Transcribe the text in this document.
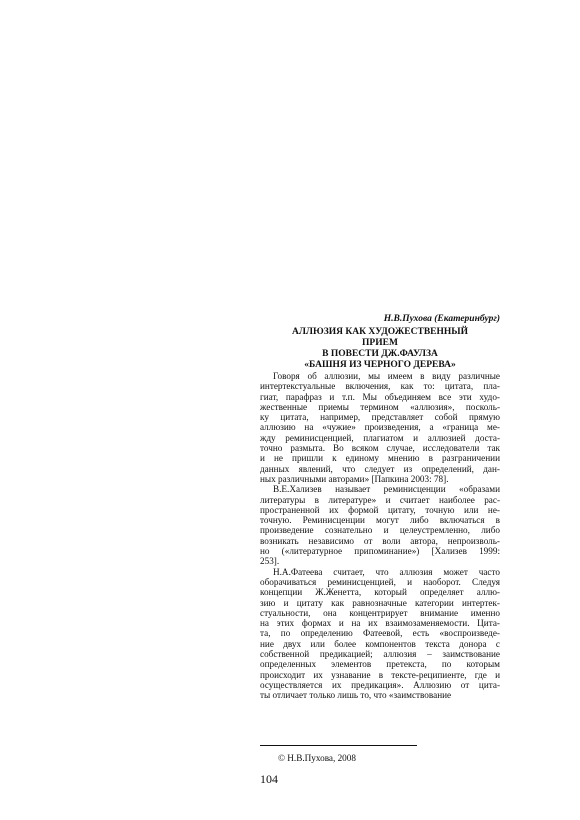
Н.В.Пухова (Екатеринбург)

АЛЛЮЗИЯ КАК ХУДОЖЕСТВЕННЫЙ
ПРИЕМ
В ПОВЕСТИ ДЖ.ФАУЛЗА
«БАШНЯ ИЗ ЧЕРНОГО ДЕРЕВА»

Говоря об аллюзии, мы имеем в виду различные
интертекстуальные включения, как то: цитата, пла-
гиат, парафраз и т.п. Мы объединяем все эти худо-
жественные приемы термином «аллюзия», посколь-
ку цитата, например, представляет собой прямую
аллюзию на «чужие» произведения, а «граница ме-
жду реминисценцией, плагиатом и аллюзией доста-
точно размыта. Во всяком случае, исследователи так
и не пришли к единому мнению в разграничении
данных явлений, что следует из определений, дан-
ных различными авторами» [Папкина 2003: 78].

В.Е.Хализев называет реминисценции «образами
литературы в литературе» и считает наиболее рас-
пространенной их формой цитату, точную или не-
точную. Реминисценции могут либо включаться в
произведение сознательно и целеустремленно, либо
возникать независимо от воли автора, непроизволь-
но («литературное припоминание») [Хализев 1999:
253].

Н.А.Фатеева считает, что аллюзия может часто
оборачиваться реминисценцией, и наоборот. Следуя
концепции Ж.Женетта, который определяет аллю-
зию и цитату как равнозначные категории интертек-
стуальности, она концентрирует внимание именно
на этих формах и на их взаимозаменяемости. Цита-
та, по определению Фатеевой, есть «воспроизведе-
ние двух или более компонентов текста донора с
собственной предикацией; аллюзия – заимствование
определенных элементов претекста, по которым
происходит их узнавание в тексте-реципиенте, где и
осуществляется их предикация». Аллюзию от цита-
ты отличает только лишь то, что «заимствование

© Н.В.Пухова, 2008
104
